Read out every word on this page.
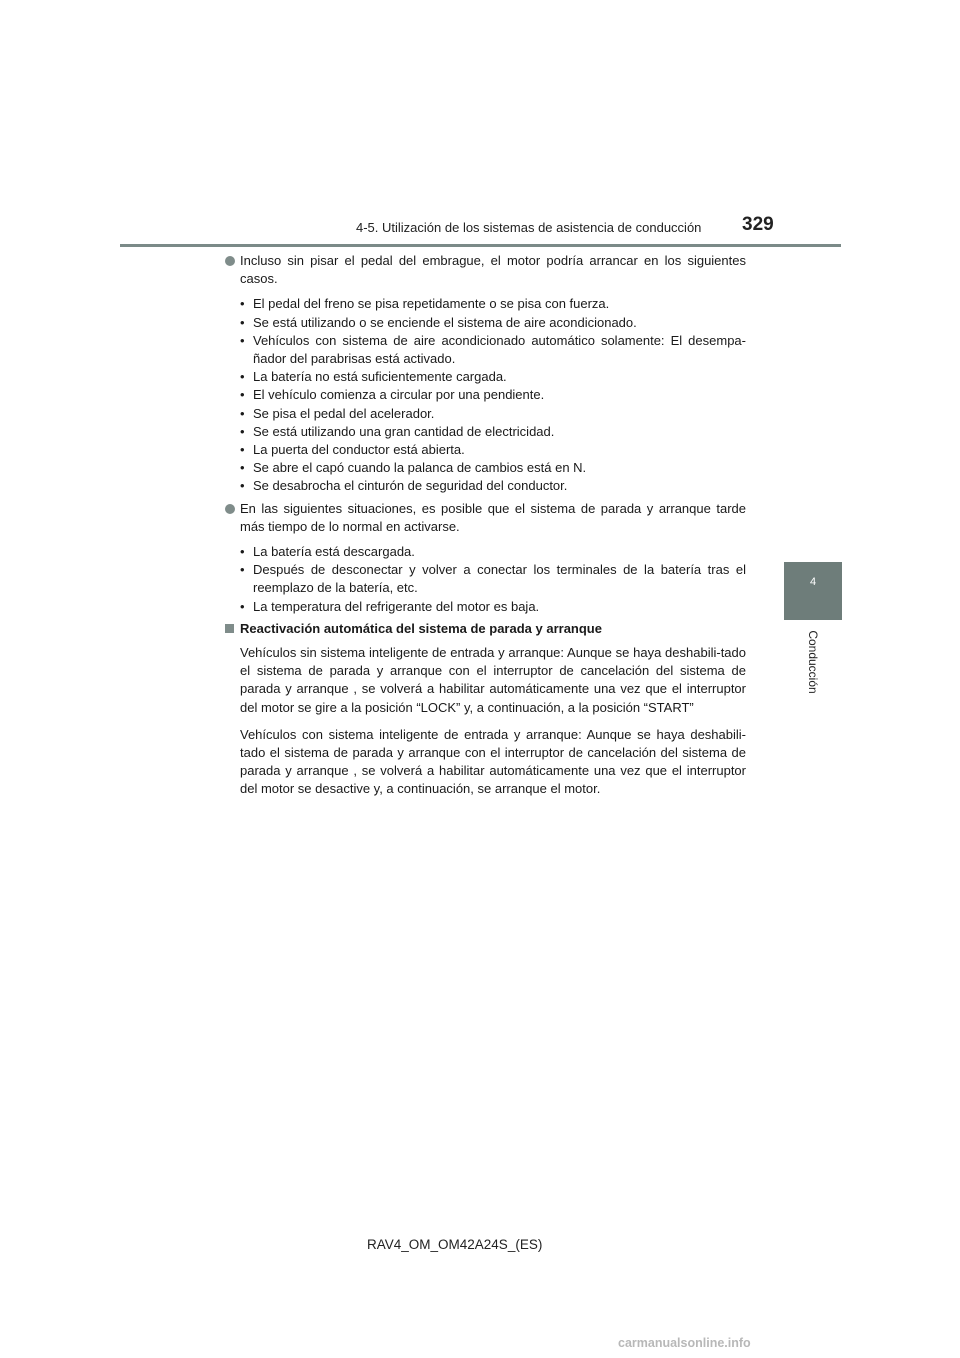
4-5. Utilización de los sistemas de asistencia de conducción 329
4
Conducción

Incluso sin pisar el pedal del embrague, el motor podría arrancar en los siguientes casos.

• El pedal del freno se pisa repetidamente o se pisa con fuerza.
• Se está utilizando o se enciende el sistema de aire acondicionado.
• Vehículos con sistema de aire acondicionado automático solamente: El desempa-ñador del parabrisas está activado.
• La batería no está suficientemente cargada.
• El vehículo comienza a circular por una pendiente.
• Se pisa el pedal del acelerador.
• Se está utilizando una gran cantidad de electricidad.
• La puerta del conductor está abierta.
• Se abre el capó cuando la palanca de cambios está en N.
• Se desabrocha el cinturón de seguridad del conductor.

En las siguientes situaciones, es posible que el sistema de parada y arranque tarde más tiempo de lo normal en activarse.

• La batería está descargada.
• Después de desconectar y volver a conectar los terminales de la batería tras el reemplazo de la batería, etc.
• La temperatura del refrigerante del motor es baja.

Reactivación automática del sistema de parada y arranque

Vehículos sin sistema inteligente de entrada y arranque: Aunque se haya deshabili-tado el sistema de parada y arranque con el interruptor de cancelación del sistema de parada y arranque , se volverá a habilitar automáticamente una vez que el interruptor del motor se gire a la posición “LOCK” y, a continuación, a la posición “START”

Vehículos con sistema inteligente de entrada y arranque: Aunque se haya deshabili-tado el sistema de parada y arranque con el interruptor de cancelación del sistema de parada y arranque , se volverá a habilitar automáticamente una vez que el interruptor del motor se desactive y, a continuación, se arranque el motor.

RAV4_OM_OM42A24S_(ES)
carmanualsonline.info
